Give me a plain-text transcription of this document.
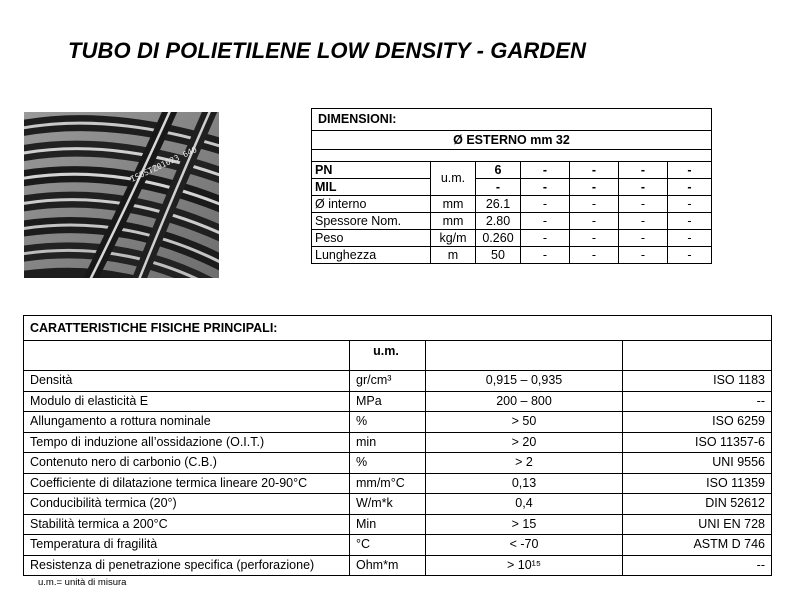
TUBO DI POLIETILENE LOW DENSITY - GARDEN
ISOSTZ01023 640
DIMENSIONI:						
Ø ESTERNO mm 32						

PN	u.m.	6	-	-	-	-
MIL		-	-	-	-	-
Ø interno	mm	26.1	-	-	-	-
Spessore Nom.	mm	2.80	-	-	-	-
Peso	kg/m	0.260	-	-	-	-
Lunghezza	m	50	-	-	-	-
CARATTERISTICHE FISICHE PRINCIPALI:			
	u.m.		
Densità	gr/cm³	0,915 – 0,935	ISO 1183
Modulo di elasticità E	MPa	200 – 800	--
Allungamento a rottura nominale	%	> 50	ISO 6259
Tempo di induzione all’ossidazione (O.I.T.)	min	> 20	ISO 11357-6
Contenuto nero di carbonio (C.B.)	%	> 2	UNI 9556
Coefficiente di dilatazione termica lineare 20-90°C	mm/m°C	0,13	ISO 11359
Conducibilità termica (20°)	W/m*k	0,4	DIN 52612
Stabilità termica a 200°C	Min	> 15	UNI EN 728
Temperatura di fragilità	°C	< -70	ASTM D 746
Resistenza di penetrazione specifica (perforazione)	Ohm*m	> 10¹⁵	--
u.m.= unità di misura
